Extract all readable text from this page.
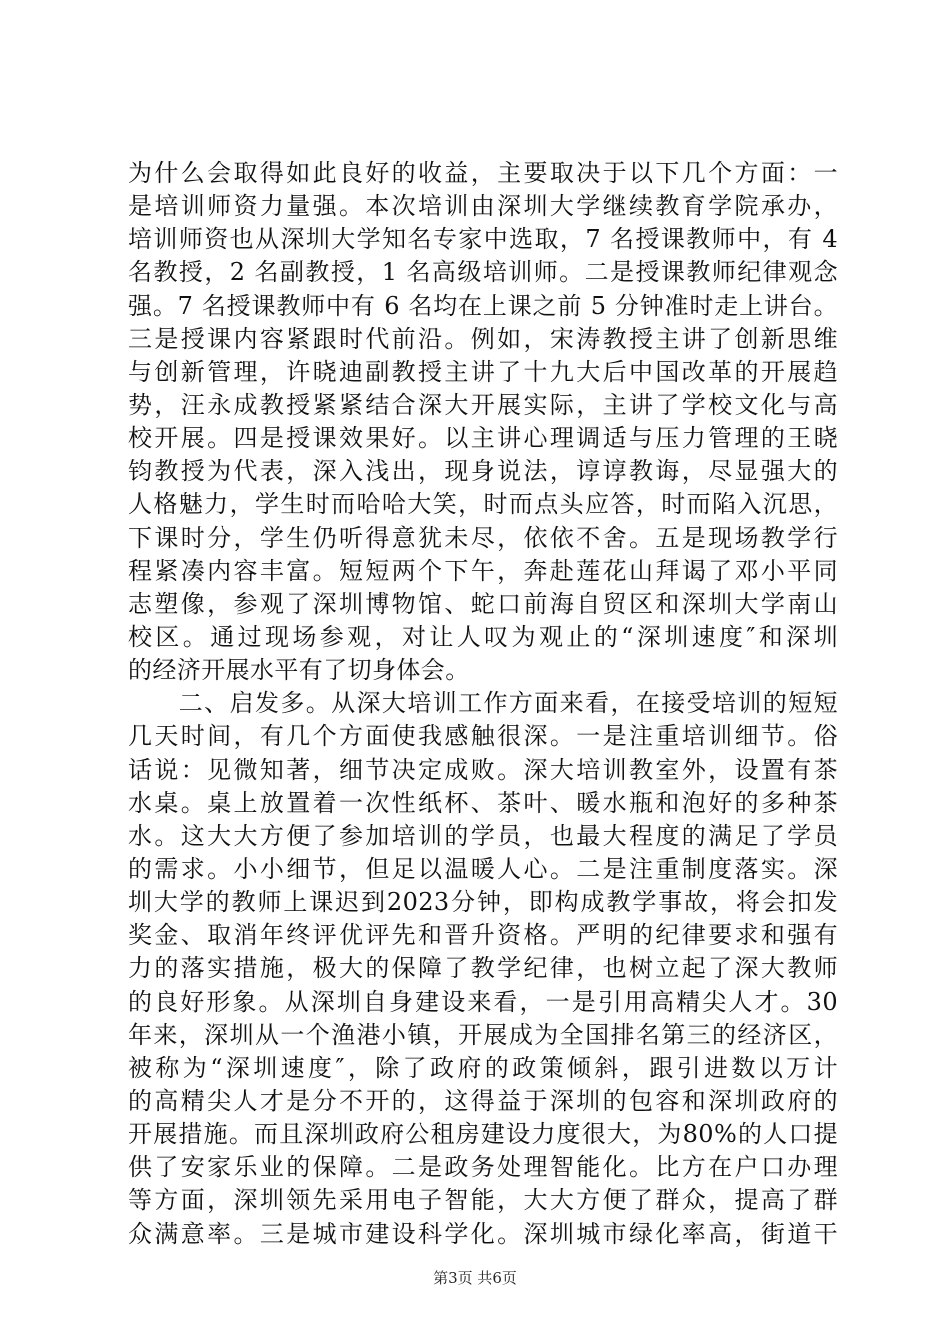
为什么会取得如此良好的收益，主要取决于以下几个方面：一
是培训师资力量强。本次培训由深圳大学继续教育学院承办，
培训师资也从深圳大学知名专家中选取，7 名授课教师中，有 4
名教授，2 名副教授，1 名高级培训师。二是授课教师纪律观念
强。7 名授课教师中有 6 名均在上课之前 5 分钟准时走上讲台。
三是授课内容紧跟时代前沿。例如，宋涛教授主讲了创新思维
与创新管理，许晓迪副教授主讲了十九大后中国改革的开展趋
势，汪永成教授紧紧结合深大开展实际，主讲了学校文化与高
校开展。四是授课效果好。以主讲心理调适与压力管理的王晓
钧教授为代表，深入浅出，现身说法，谆谆教诲，尽显强大的
人格魅力，学生时而哈哈大笑，时而点头应答，时而陷入沉思，
下课时分，学生仍听得意犹未尽，依依不舍。五是现场教学行
程紧凑内容丰富。短短两个下午，奔赴莲花山拜谒了邓小平同
志塑像，参观了深圳博物馆、蛇口前海自贸区和深圳大学南山
校区。通过现场参观，对让人叹为观止的“深圳速度″和深圳
的经济开展水平有了切身体会。
　　二、启发多。从深大培训工作方面来看，在接受培训的短短
几天时间，有几个方面使我感触很深。一是注重培训细节。俗
话说：见微知著，细节决定成败。深大培训教室外，设置有茶
水桌。桌上放置着一次性纸杯、茶叶、暖水瓶和泡好的多种茶
水。这大大方便了参加培训的学员，也最大程度的满足了学员
的需求。小小细节，但足以温暖人心。二是注重制度落实。深
圳大学的教师上课迟到2023分钟，即构成教学事故，将会扣发
奖金、取消年终评优评先和晋升资格。严明的纪律要求和强有
力的落实措施，极大的保障了教学纪律，也树立起了深大教师
的良好形象。从深圳自身建设来看，一是引用高精尖人才。30
年来，深圳从一个渔港小镇，开展成为全国排名第三的经济区，
被称为“深圳速度″，除了政府的政策倾斜，跟引进数以万计
的高精尖人才是分不开的，这得益于深圳的包容和深圳政府的
开展措施。而且深圳政府公租房建设力度很大，为80%的人口提
供了安家乐业的保障。二是政务处理智能化。比方在户口办理
等方面，深圳领先采用电子智能，大大方便了群众，提高了群
众满意率。三是城市建设科学化。深圳城市绿化率高，街道干
第3页 共6页
